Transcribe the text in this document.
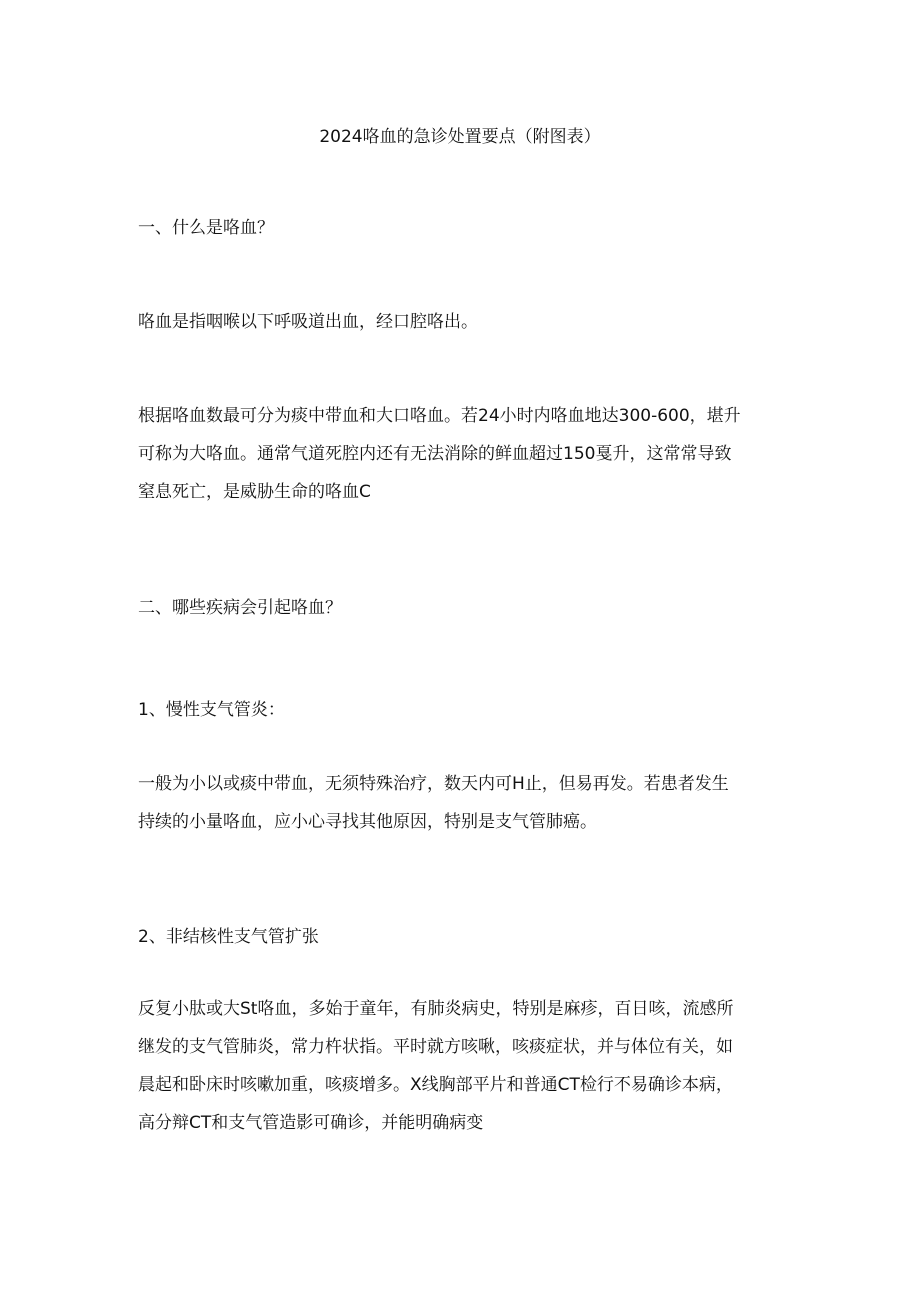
2024咯血的急诊处置要点（附图表）
一、什么是咯血？
咯血是指咽喉以下呼吸道出血，经口腔咯出。
根据咯血数最可分为痰中带血和大口咯血。若24小时内咯血地达300-600，堪升
可称为大咯血。通常气道死腔内还有无法消除的鲜血超过150戛升，这常常导致
窒息死亡，是威胁生命的咯血C
二、哪些疾病会引起咯血？
1、慢性支气管炎：
一般为小以或痰中带血，无须特殊治疗，数天内可H止，但易再发。若患者发生
持续的小量咯血，应小心寻找其他原因，特别是支气管肺癌。
2、非结核性支气管扩张
反复小肽或大St咯血，多始于童年，有肺炎病史，特别是麻疹，百日咳，流感所
继发的支气管肺炎，常力杵状指。平时就方咳啾，咳痰症状，并与体位有关，如
晨起和卧床时咳嗽加重，咳痰增多。X线胸部平片和普通CT检行不易确诊本病，
高分辩CT和支气管造影可确诊，并能明确病变
